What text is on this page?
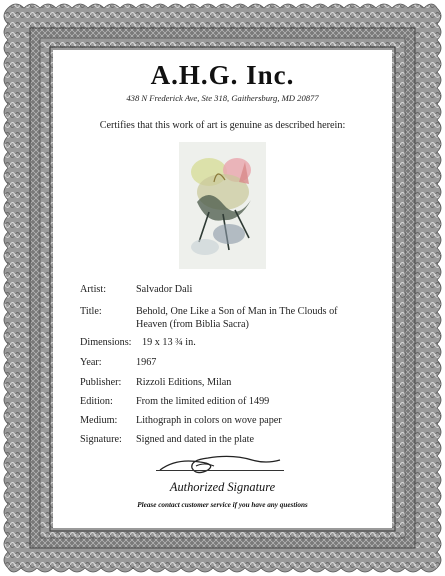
A.H.G. Inc.
438 N Frederick Ave, Ste 318, Gaithersburg, MD 20877
Certifies that this work of art is genuine as described herein:
Artist:	Salvador Dali
Title:	Behold, One Like a Son of Man in The Clouds of Heaven (from Biblia Sacra)
Dimensions:	19 x 13 ¾ in.
Year:	1967
Publisher:	Rizzoli Editions, Milan
Edition:	From the limited edition of 1499
Medium:	Lithograph in colors on wove paper
Signature:	Signed and dated in the plate
Authorized Signature
Please contact customer service if you have any questions
